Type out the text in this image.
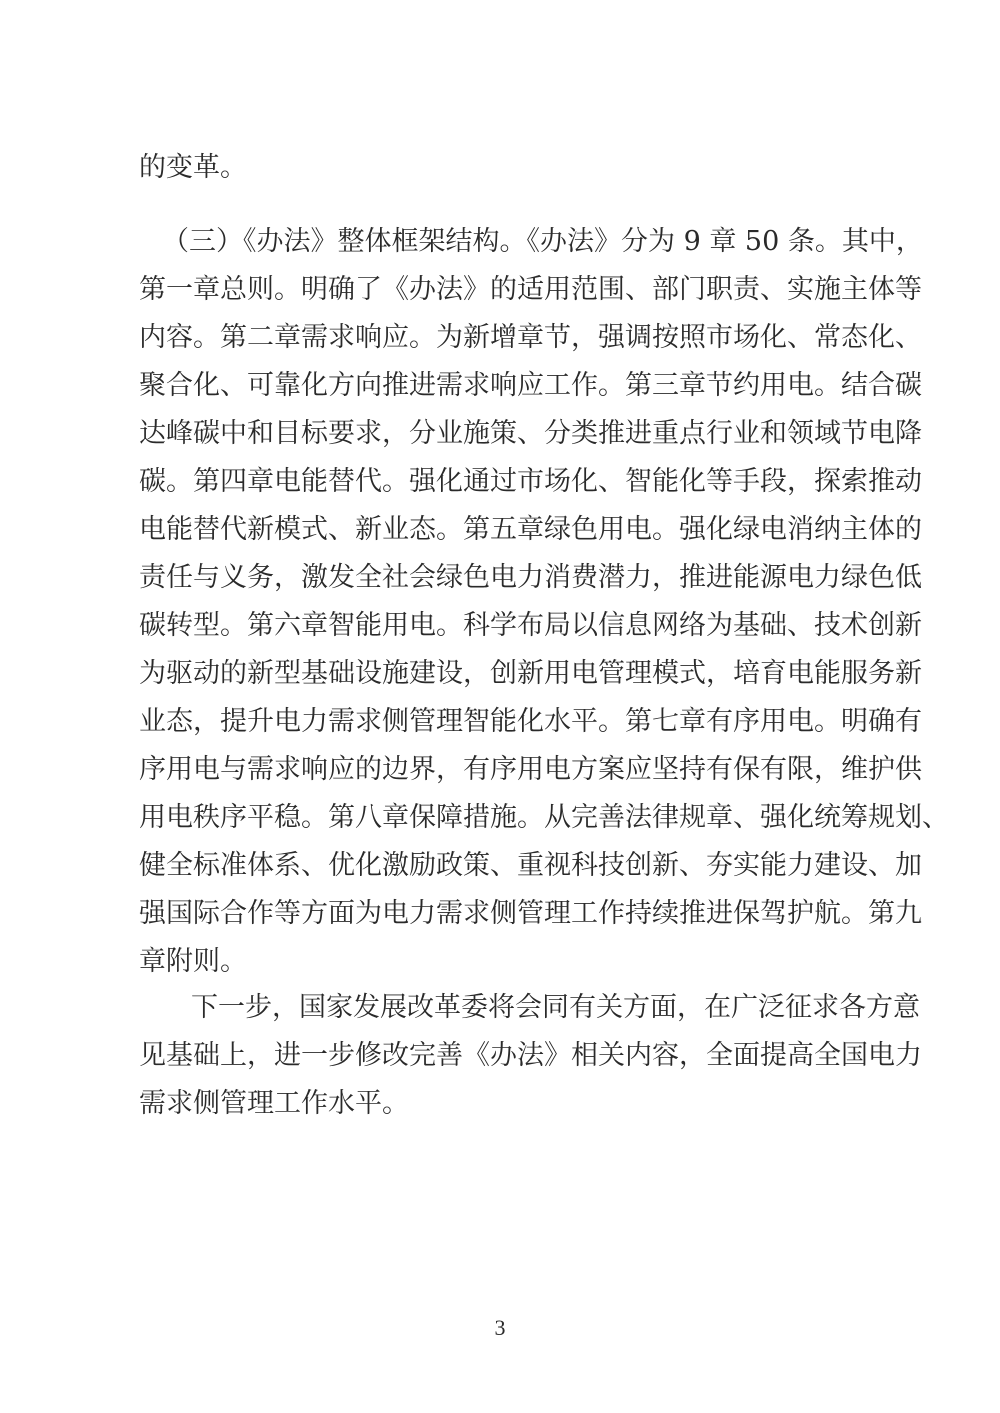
的变革。
（三）《办法》整体框架结构。《办法》分为 9 章 50 条。其中，
第一章总则。明确了《办法》的适用范围、部门职责、实施主体等
内容。第二章需求响应。为新增章节，强调按照市场化、常态化、
聚合化、可靠化方向推进需求响应工作。第三章节约用电。结合碳
达峰碳中和目标要求，分业施策、分类推进重点行业和领域节电降
碳。第四章电能替代。强化通过市场化、智能化等手段，探索推动
电能替代新模式、新业态。第五章绿色用电。强化绿电消纳主体的
责任与义务，激发全社会绿色电力消费潜力，推进能源电力绿色低
碳转型。第六章智能用电。科学布局以信息网络为基础、技术创新
为驱动的新型基础设施建设，创新用电管理模式，培育电能服务新
业态，提升电力需求侧管理智能化水平。第七章有序用电。明确有
序用电与需求响应的边界，有序用电方案应坚持有保有限，维护供
用电秩序平稳。第八章保障措施。从完善法律规章、强化统筹规划、
健全标准体系、优化激励政策、重视科技创新、夯实能力建设、加
强国际合作等方面为电力需求侧管理工作持续推进保驾护航。第九
章附则。
下一步，国家发展改革委将会同有关方面，在广泛征求各方意
见基础上，进一步修改完善《办法》相关内容，全面提高全国电力
需求侧管理工作水平。
3
